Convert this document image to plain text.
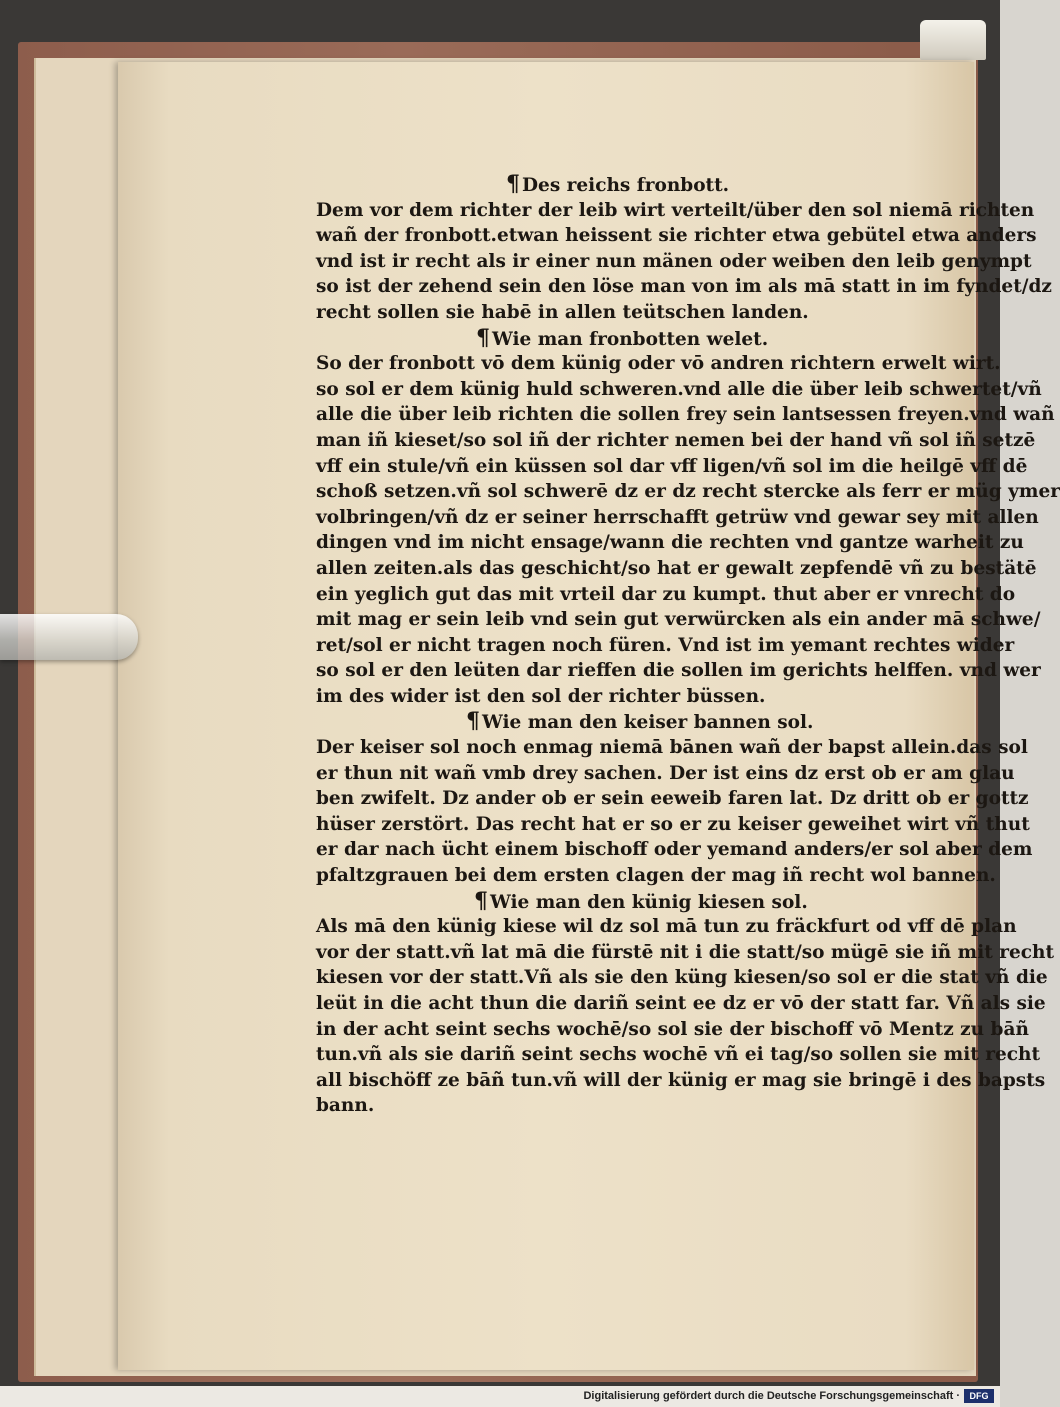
¶ Des reichs fronbott.
Dem vor dem richter der leib wirt verteilt/über den sol niemā richten
wañ der fronbott.etwan heissent sie richter etwa gebütel etwa anders
vnd ist ir recht als ir einer nun mänen oder weiben den leib genympt
so ist der zehend sein den löse man von im als mā statt in im fyndet/dz
recht sollen sie habē in allen teütschen landen.
¶ Wie man fronbotten welet.
So der fronbott vō dem künig oder vō andren richtern erwelt wirt.
so sol er dem künig huld schweren.vnd alle die über leib schwertet/vñ
alle die über leib richten die sollen frey sein lantsessen freyen.vnd wañ
man iñ kieset/so sol iñ der richter nemen bei der hand vñ sol iñ setzē
vff ein stule/vñ ein küssen sol dar vff ligen/vñ sol im die heilgē vff dē
schoß setzen.vñ sol schwerē dz er dz recht stercke als ferr er müg ymer
volbringen/vñ dz er seiner herrschafft getrüw vnd gewar sey mit allen
dingen vnd im nicht ensage/wann die rechten vnd gantze warheit zu
allen zeiten.als das geschicht/so hat er gewalt zepfendē vñ zu bestätē
ein yeglich gut das mit vrteil dar zu kumpt. thut aber er vnrecht do
mit mag er sein leib vnd sein gut verwürcken als ein ander mā schwe/
ret/sol er nicht tragen noch füren. Vnd ist im yemant rechtes wider
so sol er den leüten dar rieffen die sollen im gerichts helffen. vnd wer
im des wider ist den sol der richter büssen.
¶ Wie man den keiser bannen sol.
Der keiser sol noch enmag niemā bānen wañ der bapst allein.das sol
er thun nit wañ vmb drey sachen. Der ist eins dz erst ob er am glau
ben zwifelt. Dz ander ob er sein eeweib faren lat. Dz dritt ob er gottz
hüser zerstört. Das recht hat er so er zu keiser geweihet wirt vñ thut
er dar nach ücht einem bischoff oder yemand anders/er sol aber dem
pfaltzgrauen bei dem ersten clagen der mag iñ recht wol bannen.
¶ Wie man den künig kiesen sol.
Als mā den künig kiese wil dz sol mā tun zu fräckfurt od vff dē plan
vor der statt.vñ lat mā die fürstē nit i die statt/so mügē sie iñ mit recht
kiesen vor der statt.Vñ als sie den küng kiesen/so sol er die stat vñ die
leüt in die acht thun die dariñ seint ee dz er vō der statt far. Vñ als sie
in der acht seint sechs wochē/so sol sie der bischoff vō Mentz zu bāñ
tun.vñ als sie dariñ seint sechs wochē vñ ei tag/so sollen sie mit recht
all bischöff ze bāñ tun.vñ will der künig er mag sie bringē i des bapsts
bann.
Digitalisierung gefördert durch die Deutsche Forschungsgemeinschaft ·	DFG
